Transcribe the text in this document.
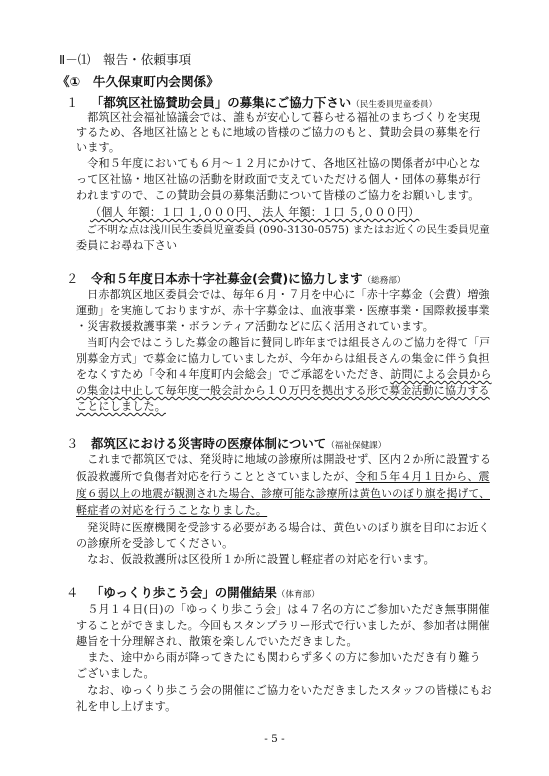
Ⅱ－⑴　報告・依頼事項
《①　牛久保東町内会関係》
１ 「都筑区社協賛助会員」の募集にご協力下さい（民生委員児童委員）
　都筑区社会福祉協議会では、誰もが安心して暮らせる福祉のまちづくりを実現
するため、各地区社協とともに地域の皆様のご協力のもと、賛助会員の募集を行
います。
　令和５年度においても６月～１２月にかけて、各地区社協の関係者が中心とな
って区社協・地区社協の活動を財政面で支えていただける個人・団体の募集が行
われますので、この賛助会員の募集活動について皆様のご協力をお願いします。
（個人 年額：１口 １,０００円、 法人 年額：１口 ５,０００円）
　ご不明な点は浅川民生委員児童委員 (090-3130-0575) またはお近くの民生委員児童
委員にお尋ね下さい
２ 令和５年度日本赤十字社募金(会費)に協力します（総務部）
　日赤都筑区地区委員会では、毎年６月・７月を中心に「赤十字募金（会費）増強
運動」を実施しておりますが、赤十字募金は、血液事業・医療事業・国際救援事業
・災害救援救護事業・ボランティア活動などに広く活用されています。
　当町内会ではこうした募金の趣旨に賛同し昨年までは組長さんのご協力を得て「戸
別募金方式」で募金に協力していましたが、今年からは組長さんの集金に伴う負担
をなくすため「令和４年度町内会総会」でご承認をいただき、訪問による会員から
の集金は中止して毎年度一般会計から１０万円を拠出する形で募金活動に協力する
ことにしました。
３ 都筑区における災害時の医療体制について（福祉保健課）
　これまで都筑区では、発災時に地域の診療所は開設せず、区内２か所に設置する
仮設救護所で負傷者対応を行うこととさていましたが、令和５年４月１日から、震
度６弱以上の地震が観測された場合、診療可能な診療所は黄色いのぼり旗を掲げて、
軽症者の対応を行うことなりました。
　発災時に医療機関を受診する必要がある場合は、黄色いのぼり旗を目印にお近く
の診療所を受診してください。
　なお、仮設救護所は区役所１か所に設置し軽症者の対応を行います。
４ 「ゆっくり歩こう会」の開催結果（体育部）
　５月１４日(日)の「ゆっくり歩こう会」は４７名の方にご参加いただき無事開催
することができました。今回もスタンプラリー形式で行いましたが、参加者は開催
趣旨を十分理解され、散策を楽しんでいただきました。
　また、途中から雨が降ってきたにも関わらず多くの方に参加いただき有り難う
ございました。
　なお、ゆっくり歩こう会の開催にご協力をいただきましたスタッフの皆様にもお
礼を申し上げます。
- 5 -
